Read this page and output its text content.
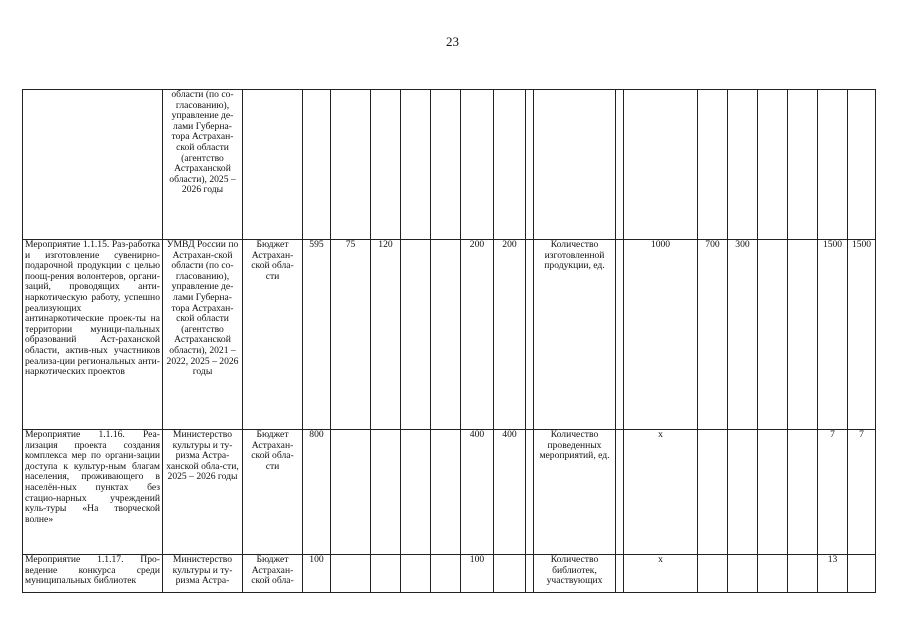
23
	области (по со-гласованию), управление де-лами Губерна-тора Астрахан-ской области (агентство Астраханской области), 2025 – 2026 годы																		
Мероприятие 1.1.15. Раз-работка и изготовление сувенирно-подарочной продукции с целью поощ-рения волонтеров, органи-заций, проводящих анти-наркотическую работу, успешно реализующих антинаркотические проек-ты на территории муници-пальных образований Аст-раханской области, актив-ных участников реализа-ции региональных анти-наркотических проектов	УМВД России по Астрахан-ской области (по со-гласованию), управление де-лами Губерна-тора Астрахан-ской области (агентство Астраханской области), 2021 – 2022, 2025 – 2026 годы	Бюджет Астрахан-ской обла-сти	595	75	120			200	200		Количество изготовленной продукции, ед.		1000	700	300			1500	1500
Мероприятие 1.1.16. Реа-лизация проекта создания комплекса мер по органи-зации доступа к культур-ным благам населения, проживающего в населён-ных пунктах без стацио-нарных учреждений куль-туры «На творческой волне»	Министерство культуры и ту-ризма Астра-ханской обла-сти, 2025 – 2026 годы	Бюджет Астрахан-ской обла-сти	800					400	400		Количество проведенных мероприятий, ед.		х					7	7
Мероприятие 1.1.17. Про-ведение конкурса среди муниципальных библиотек	Министерство культуры и ту-ризма Астра-	Бюджет Астрахан-ской обла-	100					100			Количество библиотек, участвующих		х					13	
